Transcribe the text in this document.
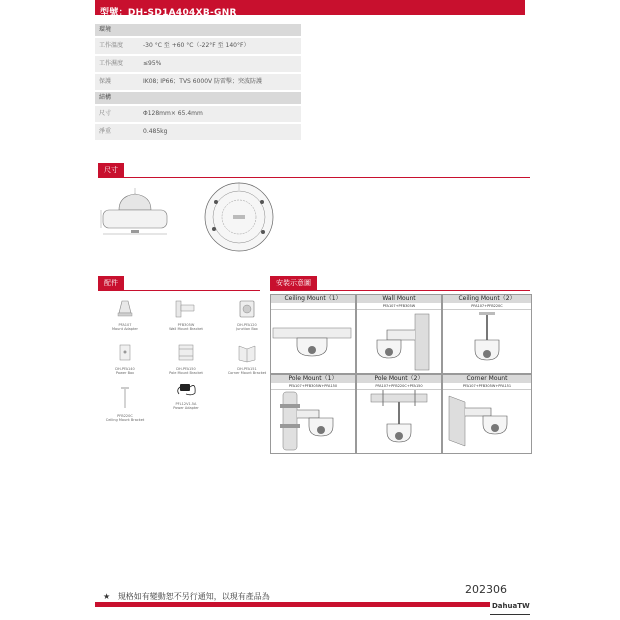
型號：DH-SD1A404XB-GNR
環境
工作溫度	-30 °C 至 +60 °C（-22°F 至 140°F）
工作濕度	≤95%
保護	IK08; IP66；TVS 6000V 防雷擊；突波防護
結構
尺寸	Φ128mm× 65.4mm
淨重	0.485kg
尺寸
配件
PFA107
Mount Adapter
PFB305W
Wall Mount Bracket
DH-PFA120
Junction Box
DH-PFA140
Power Box
DH-PFA150
Pole Mount Bracket
DH-PFA151
Corner Mount Bracket
PFB220C
Ceiling Mount Bracket
PFL12V1.5A
Power Adapter
安裝示意圖
Ceiling Mount（1）	Wall Mount
PFA107+PFB305W
Ceiling Mount（2）
PFA107+PFB220C
Pole Mount（1）
PFA107+PFB305W+PFA150
Pole Mount（2）
PFA107+PFB220C+PFA150
Corner Mount
PFA107+PFB305W+PFA151
★ 規格如有變動恕不另行通知，以現有產品為
202306
DahuaTW
